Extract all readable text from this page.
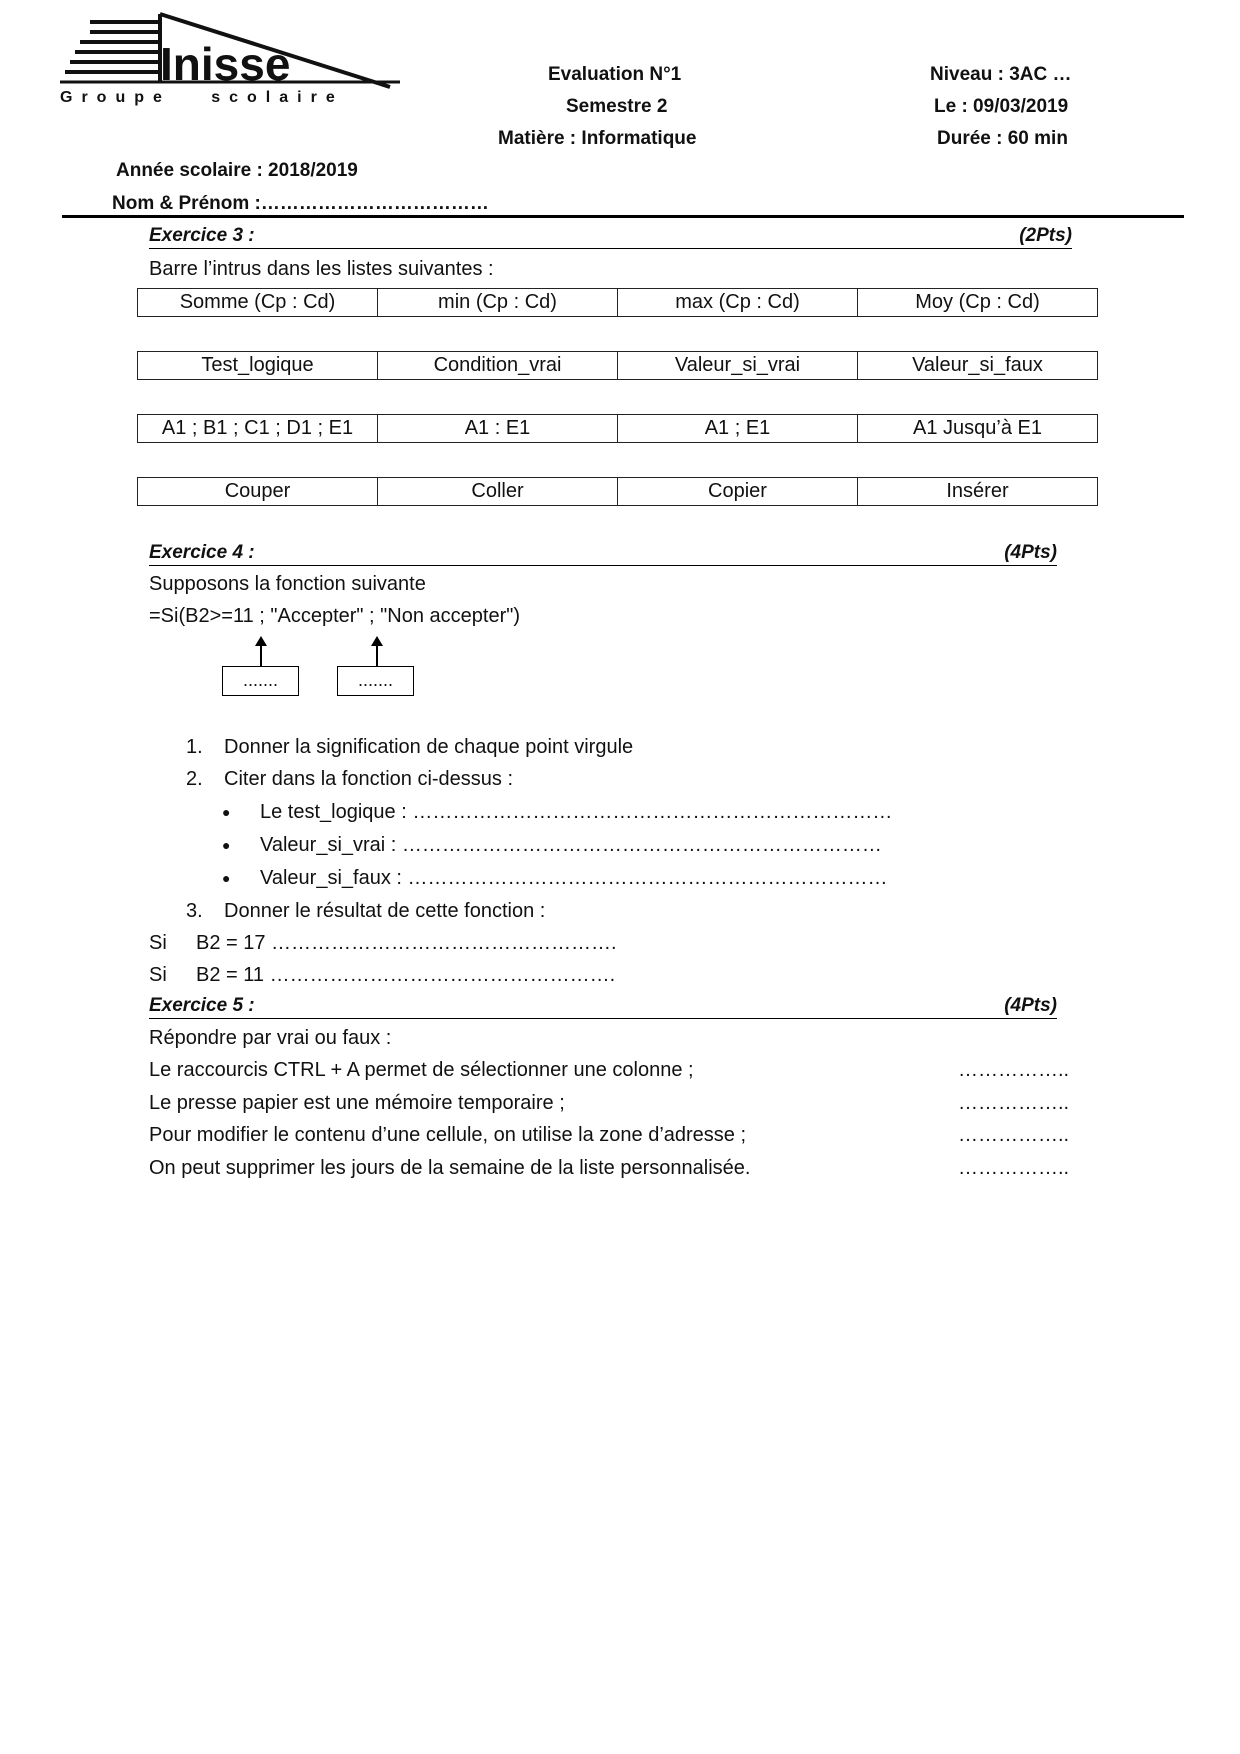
Inisse
Groupe   scolaire
Evaluation N°1
Semestre 2
Matière : Informatique
Niveau : 3AC …
Le : 09/03/2019
Durée : 60 min
Année scolaire : 2018/2019
Nom & Prénom :………………………………
Exercice 3 :	(2Pts)
Barre l’intrus dans les listes suivantes :
Somme (Cp : Cd)	min (Cp : Cd)	max (Cp : Cd)	Moy (Cp : Cd)
Test_logique	Condition_vrai	Valeur_si_vrai	Valeur_si_faux
A1 ; B1 ; C1 ; D1 ; E1	A1 : E1	A1 ; E1	A1 Jusqu’à E1
Couper	Coller	Copier	Insérer
Exercice 4 :	(4Pts)
Supposons la fonction suivante
=Si(B2>=11 ; "Accepter" ; "Non accepter")
.......	.......
1. Donner la signification de chaque point virgule
2. Citer dans la fonction ci-dessus :
● Le test_logique : ………………………………………………………………
● Valeur_si_vrai : ………………………………………………………………
● Valeur_si_faux : ………………………………………………………………
3. Donner le résultat de cette fonction :
Si B2 = 17 …………………………………………….
Si B2 = 11 …………………………………………….
Exercice 5 :	(4Pts)
Répondre par vrai ou faux :
Le raccourcis CTRL + A permet de sélectionner une colonne ;	……………..
Le presse papier est une mémoire temporaire ;	……………..
Pour modifier le contenu d’une cellule, on utilise la zone d’adresse ;	……………..
On peut supprimer les jours de la semaine de la liste personnalisée.	……………..
